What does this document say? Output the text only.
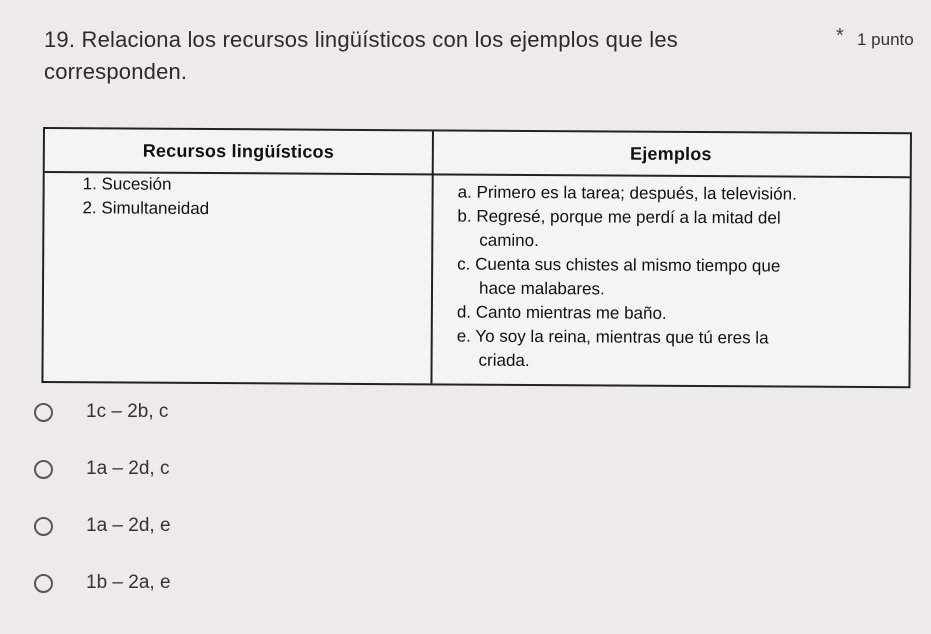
19. Relaciona los recursos lingüísticos con los ejemplos que les corresponden.
* 1 punto
Recursos lingüísticos	Ejemplos
1. Sucesión
2. Simultaneidad
a. Primero es la tarea; después, la televisión.
b. Regresé, porque me perdí a la mitad del
camino.
c. Cuenta sus chistes al mismo tiempo que
hace malabares.
d. Canto mientras me baño.
e. Yo soy la reina, mientras que tú eres la
criada.
1c – 2b, c
1a – 2d, c
1a – 2d, e
1b – 2a, e
